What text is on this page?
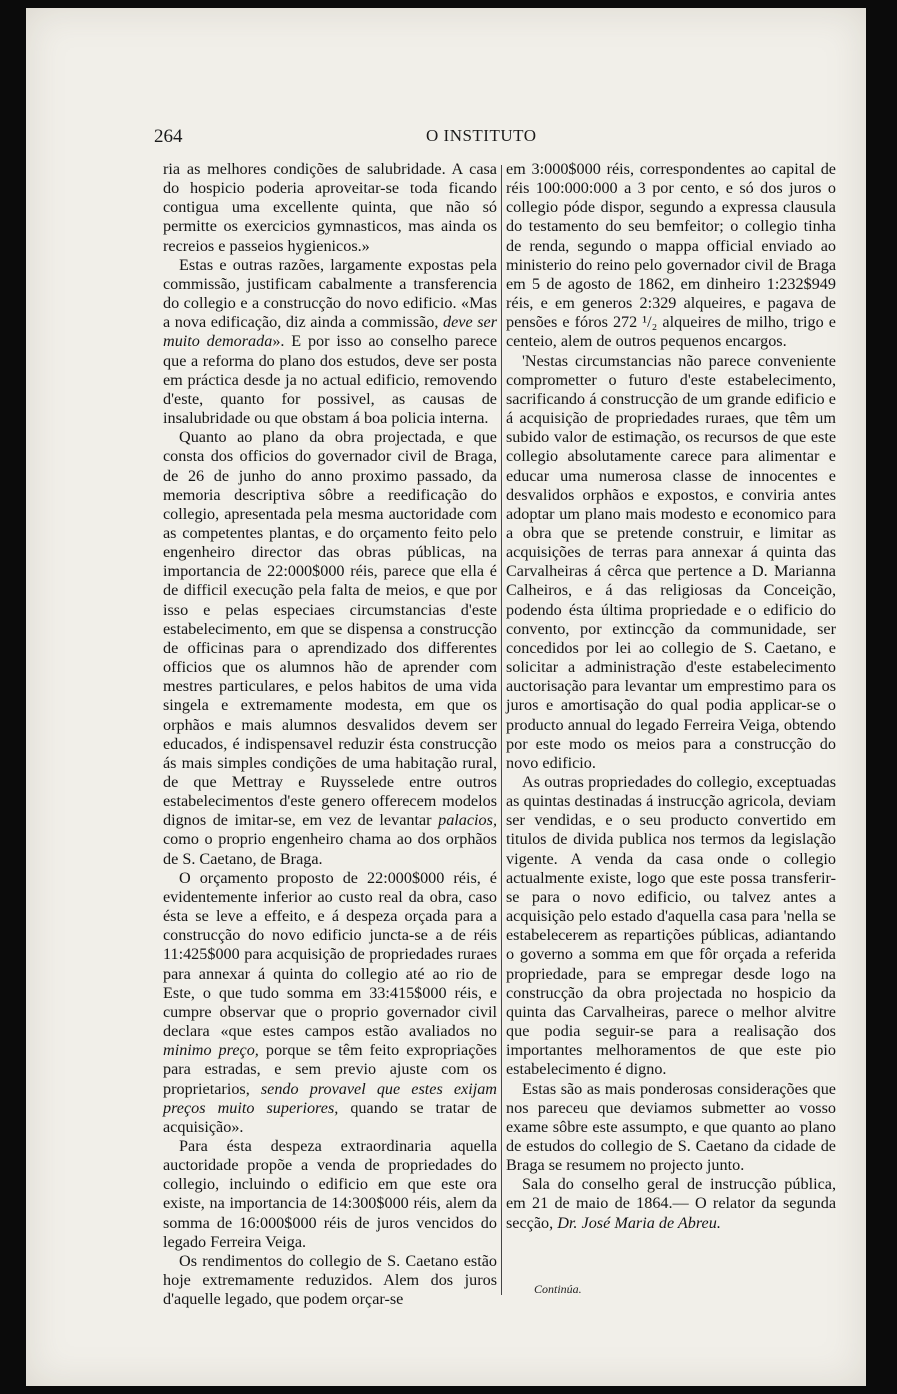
264	O INSTITUTO

ria as melhores condições de salubridade. A casa do hospicio poderia aproveitar-se toda ficando contigua uma excellente quinta, que não só permitte os exercicios gymnasticos, mas ainda os recreios e passeios hygienicos.»

Estas e outras razões, largamente expostas pela commissão, justificam cabalmente a transferencia do collegio e a construcção do novo edificio. «Mas a nova edificação, diz ainda a commissão, deve ser muito demorada». E por isso ao conselho parece que a reforma do plano dos estudos, deve ser posta em práctica desde ja no actual edificio, removendo d'este, quanto for possivel, as causas de insalubridade ou que obstam á boa policia interna.

Quanto ao plano da obra projectada, e que consta dos officios do governador civil de Braga, de 26 de junho do anno proximo passado, da memoria descriptiva sôbre a reedificação do collegio, apresentada pela mesma auctoridade com as competentes plantas, e do orçamento feito pelo engenheiro director das obras públicas, na importancia de 22:000$000 réis, parece que ella é de difficil execução pela falta de meios, e que por isso e pelas especiaes circumstancias d'este estabelecimento, em que se dispensa a construcção de officinas para o aprendizado dos differentes officios que os alumnos hão de aprender com mestres particulares, e pelos habitos de uma vida singela e extremamente modesta, em que os orphãos e mais alumnos desvalidos devem ser educados, é indispensavel reduzir ésta construcção ás mais simples condições de uma habitação rural, de que Mettray e Ruysselede entre outros estabelecimentos d'este genero offerecem modelos dignos de imitar-se, em vez de levantar palacios, como o proprio engenheiro chama ao dos orphãos de S. Caetano, de Braga.

O orçamento proposto de 22:000$000 réis, é evidentemente inferior ao custo real da obra, caso ésta se leve a effeito, e á despeza orçada para a construcção do novo edificio juncta-se a de réis 11:425$000 para acquisição de propriedades ruraes para annexar á quinta do collegio até ao rio de Este, o que tudo somma em 33:415$000 réis, e cumpre observar que o proprio governador civil declara «que estes campos estão avaliados no minimo preço, porque se têm feito expropriações para estradas, e sem previo ajuste com os proprietarios, sendo provavel que estes exijam preços muito superiores, quando se tratar de acquisição».

Para ésta despeza extraordinaria aquella auctoridade propõe a venda de propriedades do collegio, incluindo o edificio em que este ora existe, na importancia de 14:300$000 réis, alem da somma de 16:000$000 réis de juros vencidos do legado Ferreira Veiga.

Os rendimentos do collegio de S. Caetano estão hoje extremamente reduzidos. Alem dos juros d'aquelle legado, que podem orçar-se

em 3:000$000 réis, correspondentes ao capital de réis 100:000:000 a 3 por cento, e só dos juros o collegio póde dispor, segundo a expressa clausula do testamento do seu bemfeitor; o collegio tinha de renda, segundo o mappa official enviado ao ministerio do reino pelo governador civil de Braga em 5 de agosto de 1862, em dinheiro 1:232$949 réis, e em generos 2:329 alqueires, e pagava de pensões e fóros 272 ¹/₂ alqueires de milho, trigo e centeio, alem de outros pequenos encargos.

'Nestas circumstancias não parece conveniente comprometter o futuro d'este estabelecimento, sacrificando á construcção de um grande edificio e á acquisição de propriedades ruraes, que têm um subido valor de estimação, os recursos de que este collegio absolutamente carece para alimentar e educar uma numerosa classe de innocentes e desvalidos orphãos e expostos, e conviria antes adoptar um plano mais modesto e economico para a obra que se pretende construir, e limitar as acquisições de terras para annexar á quinta das Carvalheiras á cêrca que pertence a D. Marianna Calheiros, e á das religiosas da Conceição, podendo ésta última propriedade e o edificio do convento, por extincção da communidade, ser concedidos por lei ao collegio de S. Caetano, e solicitar a administração d'este estabelecimento auctorisação para levantar um emprestimo para os juros e amortisação do qual podia applicar-se o producto annual do legado Ferreira Veiga, obtendo por este modo os meios para a construcção do novo edificio.

As outras propriedades do collegio, exceptuadas as quintas destinadas á instrucção agricola, deviam ser vendidas, e o seu producto convertido em titulos de divida publica nos termos da legislação vigente. A venda da casa onde o collegio actualmente existe, logo que este possa transferir-se para o novo edificio, ou talvez antes a acquisição pelo estado d'aquella casa para 'nella se estabelecerem as repartições públicas, adiantando o governo a somma em que fôr orçada a referida propriedade, para se empregar desde logo na construcção da obra projectada no hospicio da quinta das Carvalheiras, parece o melhor alvitre que podia seguir-se para a realisação dos importantes melhoramentos de que este pio estabelecimento é digno.

Estas são as mais ponderosas considerações que nos pareceu que deviamos submetter ao vosso exame sôbre este assumpto, e que quanto ao plano de estudos do collegio de S. Caetano da cidade de Braga se resumem no projecto junto.

Sala do conselho geral de instrucção pública, em 21 de maio de 1864.— O relator da segunda secção, Dr. José Maria de Abreu.

Continúa.
